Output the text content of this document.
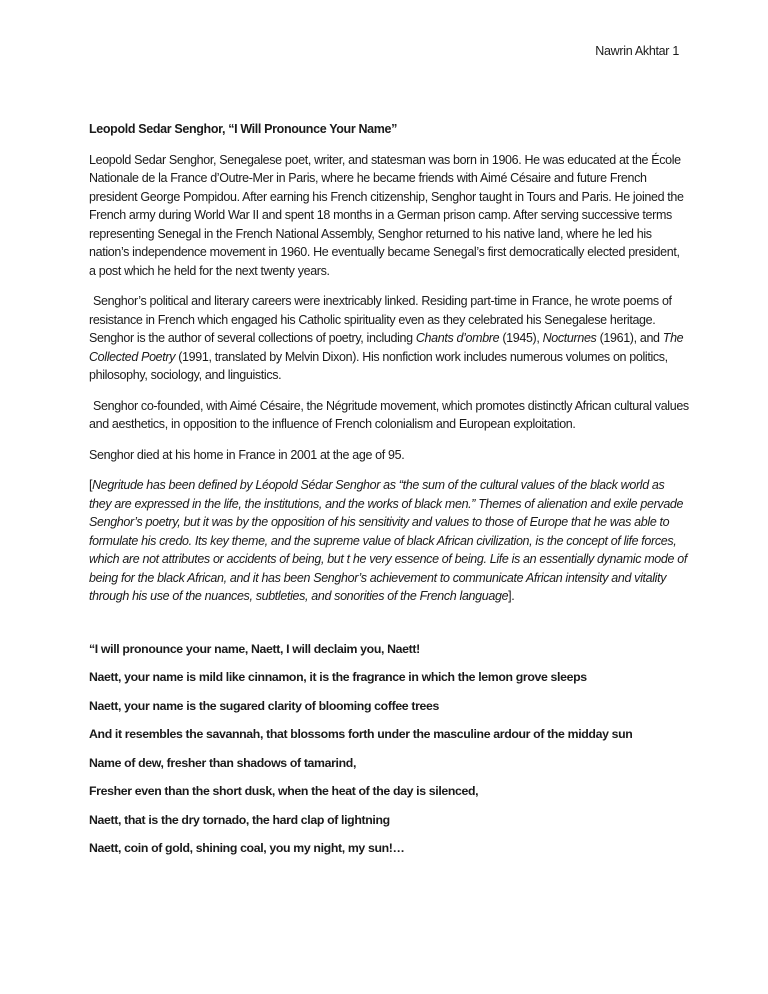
Nawrin Akhtar 1
Leopold Sedar Senghor, “I Will Pronounce Your Name”
Leopold Sedar Senghor, Senegalese poet, writer, and statesman was born in 1906. He was educated at the École Nationale de la France d’Outre-Mer in Paris, where he became friends with Aimé Césaire and future French president George Pompidou. After earning his French citizenship, Senghor taught in Tours and Paris. He joined the French army during World War II and spent 18 months in a German prison camp. After serving successive terms representing Senegal in the French National Assembly, Senghor returned to his native land, where he led his nation’s independence movement in 1960. He eventually became Senegal’s first democratically elected president, a post which he held for the next twenty years.
Senghor’s political and literary careers were inextricably linked. Residing part-time in France, he wrote poems of resistance in French which engaged his Catholic spirituality even as they celebrated his Senegalese heritage. Senghor is the author of several collections of poetry, including Chants d’ombre (1945), Nocturnes (1961), and The Collected Poetry (1991, translated by Melvin Dixon). His nonfiction work includes numerous volumes on politics, philosophy, sociology, and linguistics.
Senghor co-founded, with Aimé Césaire, the Négritude movement, which promotes distinctly African cultural values and aesthetics, in opposition to the influence of French colonialism and European exploitation.
Senghor died at his home in France in 2001 at the age of 95.
[Negritude has been defined by Léopold Sédar Senghor as “the sum of the cultural values of the black world as they are expressed in the life, the institutions, and the works of black men.” Themes of alienation and exile pervade Senghor’s poetry, but it was by the opposition of his sensitivity and values to those of Europe that he was able to formulate his credo. Its key theme, and the supreme value of black African civilization, is the concept of life forces, which are not attributes or accidents of being, but t he very essence of being. Life is an essentially dynamic mode of being for the black African, and it has been Senghor’s achievement to communicate African intensity and vitality through his use of the nuances, subtleties, and sonorities of the French language].
“I will pronounce your name, Naett, I will declaim you, Naett!
Naett, your name is mild like cinnamon, it is the fragrance in which the lemon grove sleeps
Naett, your name is the sugared clarity of blooming coffee trees
And it resembles the savannah, that blossoms forth under the masculine ardour of the midday sun
Name of dew, fresher than shadows of tamarind,
Fresher even than the short dusk, when the heat of the day is silenced,
Naett, that is the dry tornado, the hard clap of lightning
Naett, coin of gold, shining coal, you my night, my sun!…
